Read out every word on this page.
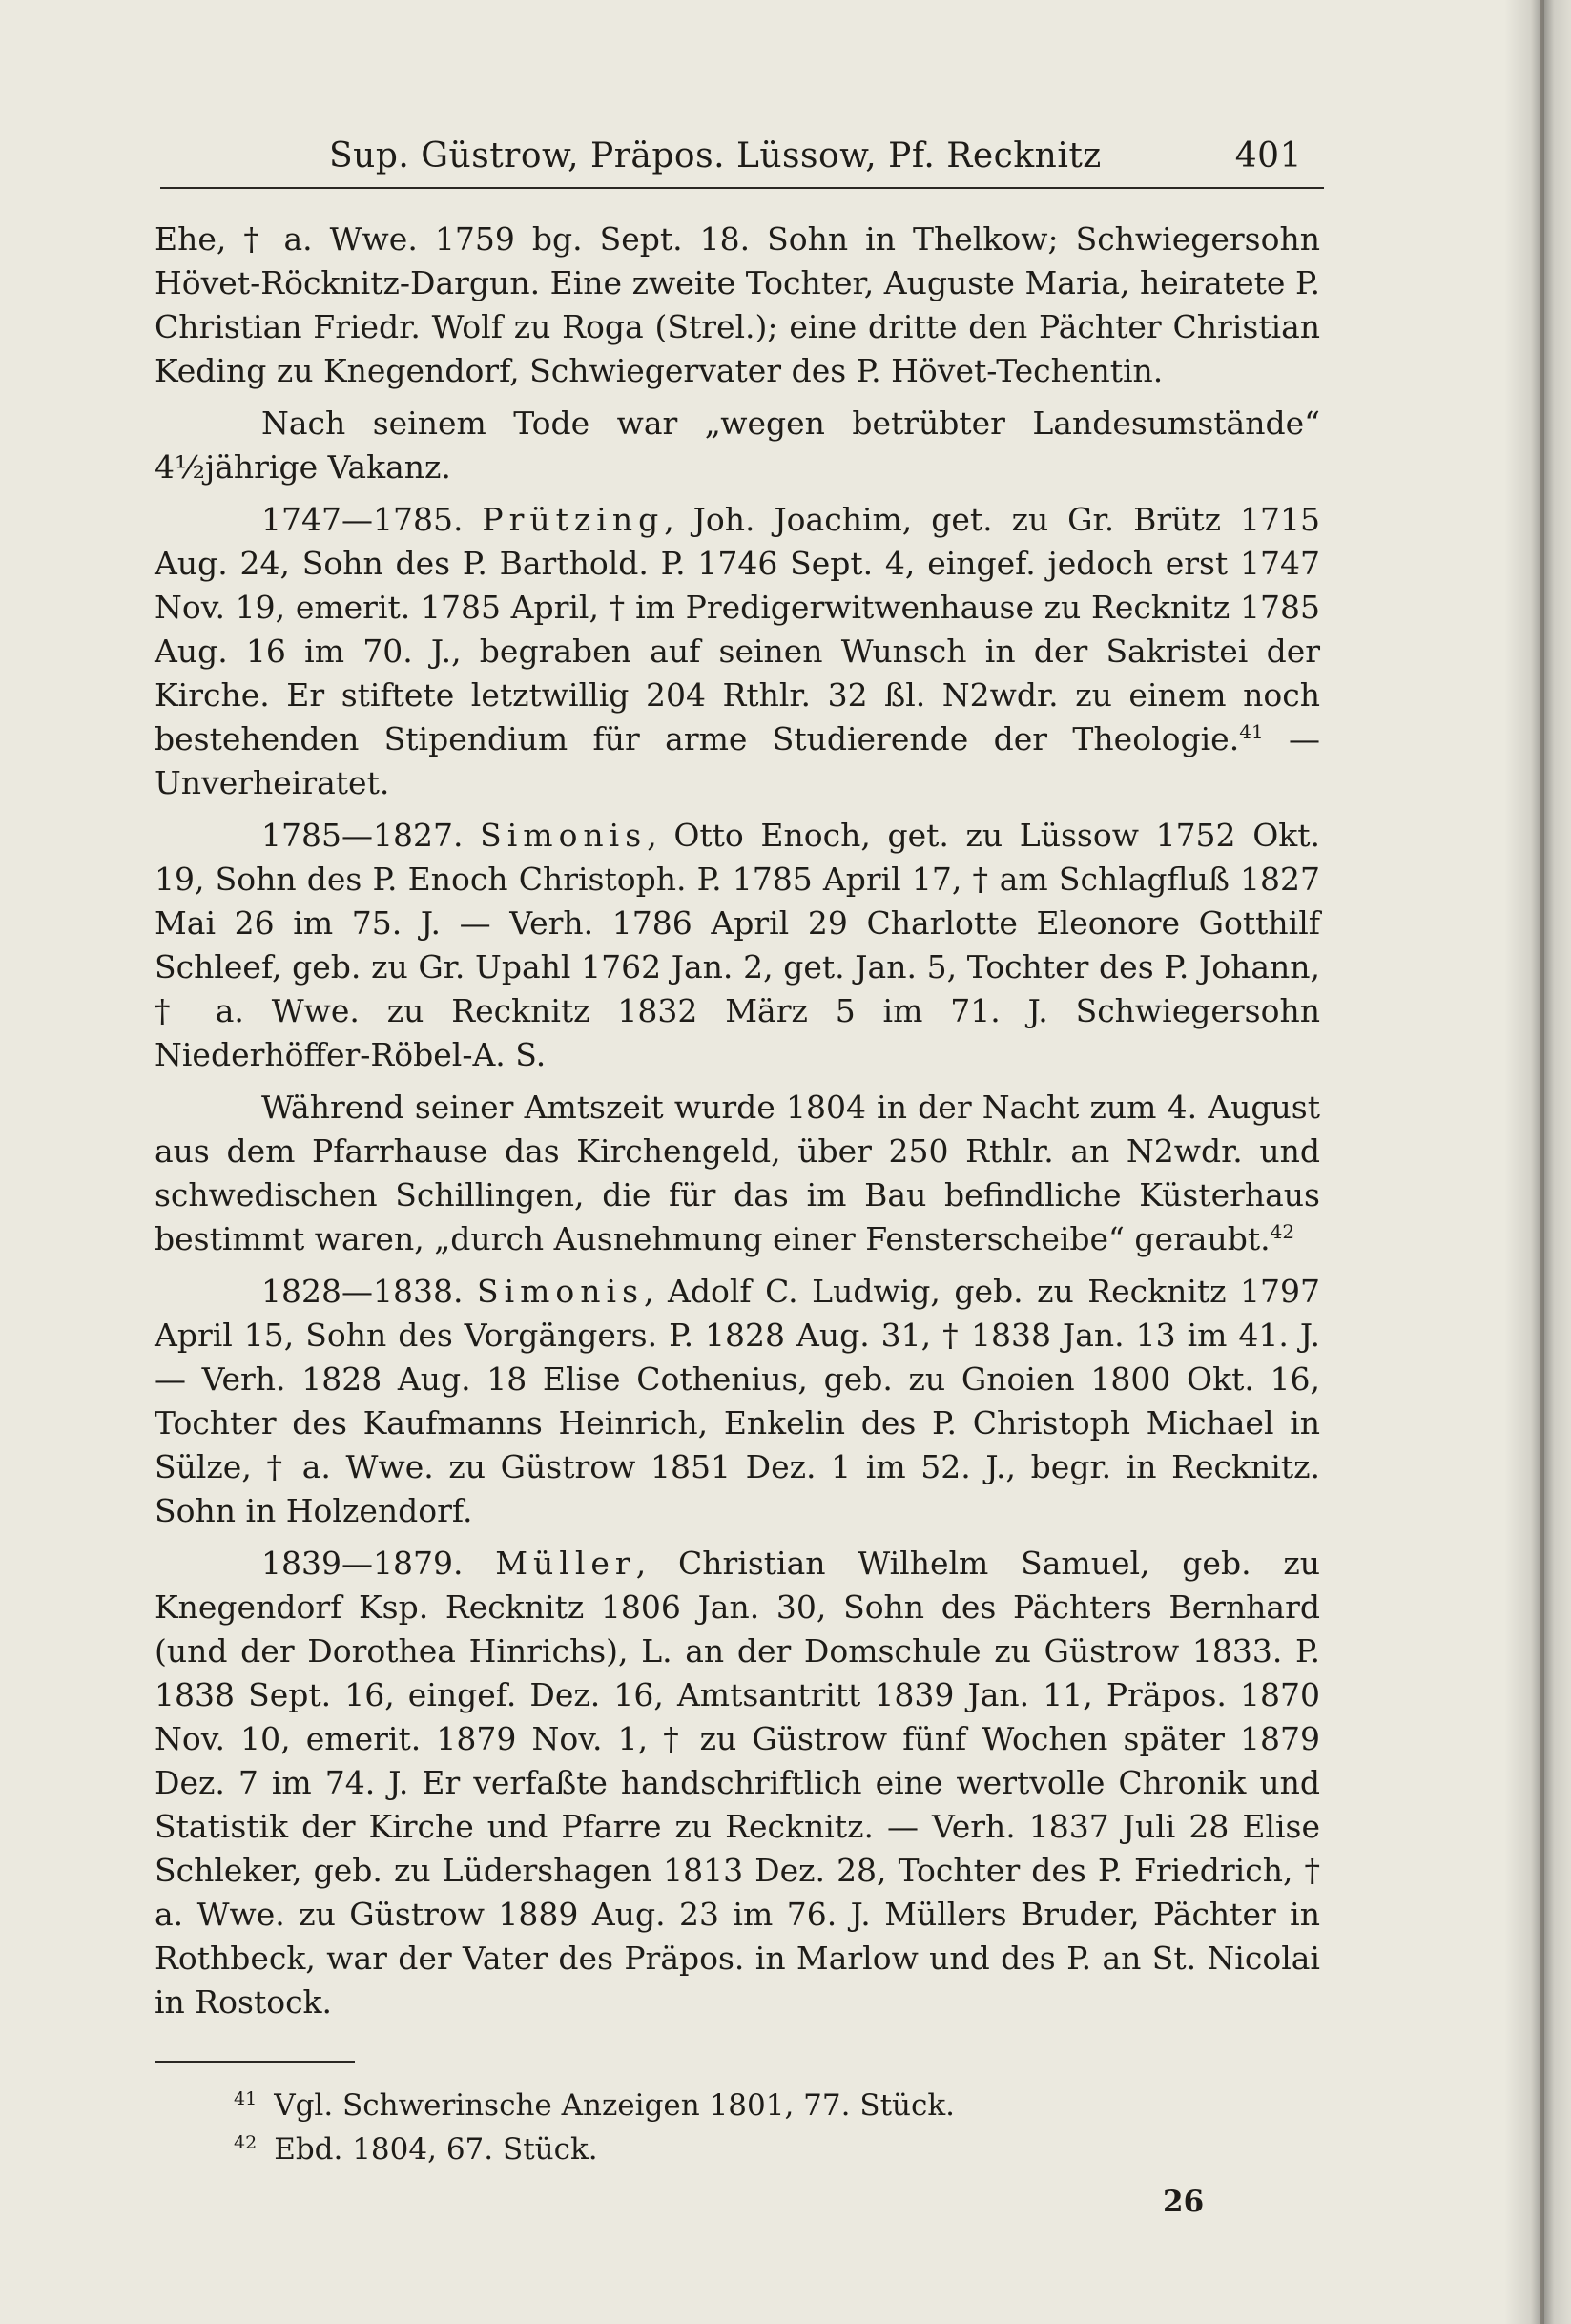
Sup. Güstrow, Präpos. Lüssow, Pf. Recknitz	401

Ehe, † a. Wwe. 1759 bg. Sept. 18. Sohn in Thelkow; Schwiegersohn Hövet-Röcknitz-Dargun. Eine zweite Tochter, Auguste Maria, heiratete P. Christian Friedr. Wolf zu Roga (Strel.); eine dritte den Pächter Christian Keding zu Knegendorf, Schwiegervater des P. Hövet-Techentin.

Nach seinem Tode war „wegen betrübter Landesumstände“ 4½jährige Vakanz.

1747—1785. Prützing, Joh. Joachim, get. zu Gr. Brütz 1715 Aug. 24, Sohn des P. Barthold. P. 1746 Sept. 4, eingef. jedoch erst 1747 Nov. 19, emerit. 1785 April, † im Predigerwitwenhause zu Recknitz 1785 Aug. 16 im 70. J., begraben auf seinen Wunsch in der Sakristei der Kirche. Er stiftete letztwillig 204 Rthlr. 32 ßl. N2wdr. zu einem noch bestehenden Stipendium für arme Studierende der Theologie.$^{41}$ — Unverheiratet.

1785—1827. Simonis, Otto Enoch, get. zu Lüssow 1752 Okt. 19, Sohn des P. Enoch Christoph. P. 1785 April 17, † am Schlagfluß 1827 Mai 26 im 75. J. — Verh. 1786 April 29 Charlotte Eleonore Gotthilf Schleef, geb. zu Gr. Upahl 1762 Jan. 2, get. Jan. 5, Tochter des P. Johann, † a. Wwe. zu Recknitz 1832 März 5 im 71. J. Schwiegersohn Niederhöffer-Röbel-A. S.

Während seiner Amtszeit wurde 1804 in der Nacht zum 4. August aus dem Pfarrhause das Kirchengeld, über 250 Rthlr. an N2wdr. und schwedischen Schillingen, die für das im Bau befindliche Küsterhaus bestimmt waren, „durch Ausnehmung einer Fensterscheibe“ geraubt.$^{42}$

1828—1838. Simonis, Adolf C. Ludwig, geb. zu Recknitz 1797 April 15, Sohn des Vorgängers. P. 1828 Aug. 31, † 1838 Jan. 13 im 41. J. — Verh. 1828 Aug. 18 Elise Cothenius, geb. zu Gnoien 1800 Okt. 16, Tochter des Kaufmanns Heinrich, Enkelin des P. Christoph Michael in Sülze, † a. Wwe. zu Güstrow 1851 Dez. 1 im 52. J., begr. in Recknitz. Sohn in Holzendorf.

1839—1879. Müller, Christian Wilhelm Samuel, geb. zu Knegendorf Ksp. Recknitz 1806 Jan. 30, Sohn des Pächters Bernhard (und der Dorothea Hinrichs), L. an der Domschule zu Güstrow 1833. P. 1838 Sept. 16, eingef. Dez. 16, Amtsantritt 1839 Jan. 11, Präpos. 1870 Nov. 10, emerit. 1879 Nov. 1, † zu Güstrow fünf Wochen später 1879 Dez. 7 im 74. J. Er verfaßte handschriftlich eine wertvolle Chronik und Statistik der Kirche und Pfarre zu Recknitz. — Verh. 1837 Juli 28 Elise Schleker, geb. zu Lüdershagen 1813 Dez. 28, Tochter des P. Friedrich, † a. Wwe. zu Güstrow 1889 Aug. 23 im 76. J. Müllers Bruder, Pächter in Rothbeck, war der Vater des Präpos. in Marlow und des P. an St. Nicolai in Rostock.

$^{41}$ Vgl. Schwerinsche Anzeigen 1801, 77. Stück.

$^{42}$ Ebd. 1804, 67. Stück.

26
